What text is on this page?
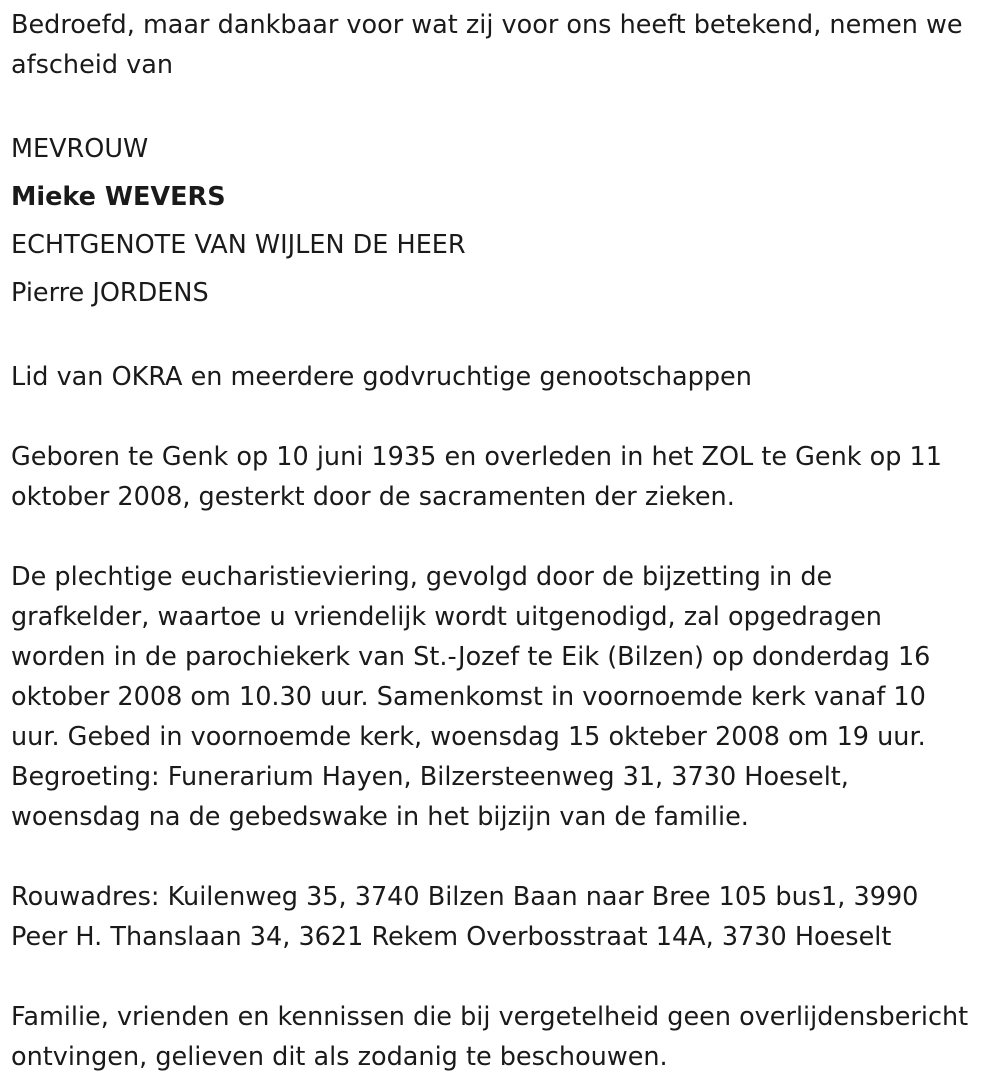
Bedroefd, maar dankbaar voor wat zij voor ons heeft betekend, nemen we afscheid van

MEVROUW

Mieke WEVERS

ECHTGENOTE VAN WIJLEN DE HEER

Pierre JORDENS

Lid van OKRA en meerdere godvruchtige genootschappen

Geboren te Genk op 10 juni 1935 en overleden in het ZOL te Genk op 11 oktober 2008, gesterkt door de sacramenten der zieken.

De plechtige eucharistieviering, gevolgd door de bijzetting in de grafkelder, waartoe u vriendelijk wordt uitgenodigd, zal opgedragen worden in de parochiekerk van St.-Jozef te Eik (Bilzen) op donderdag 16 oktober 2008 om 10.30 uur. Samenkomst in voornoemde kerk vanaf 10 uur. Gebed in voornoemde kerk, woensdag 15 okteber 2008 om 19 uur. Begroeting: Funerarium Hayen, Bilzersteenweg 31, 3730 Hoeselt, woensdag na de gebedswake in het bijzijn van de familie.

Rouwadres: Kuilenweg 35, 3740 Bilzen Baan naar Bree 105 bus1, 3990 Peer H. Thanslaan 34, 3621 Rekem Overbosstraat 14A, 3730 Hoeselt

Familie, vrienden en kennissen die bij vergetelheid geen overlijdensbericht ontvingen, gelieven dit als zodanig te beschouwen.
